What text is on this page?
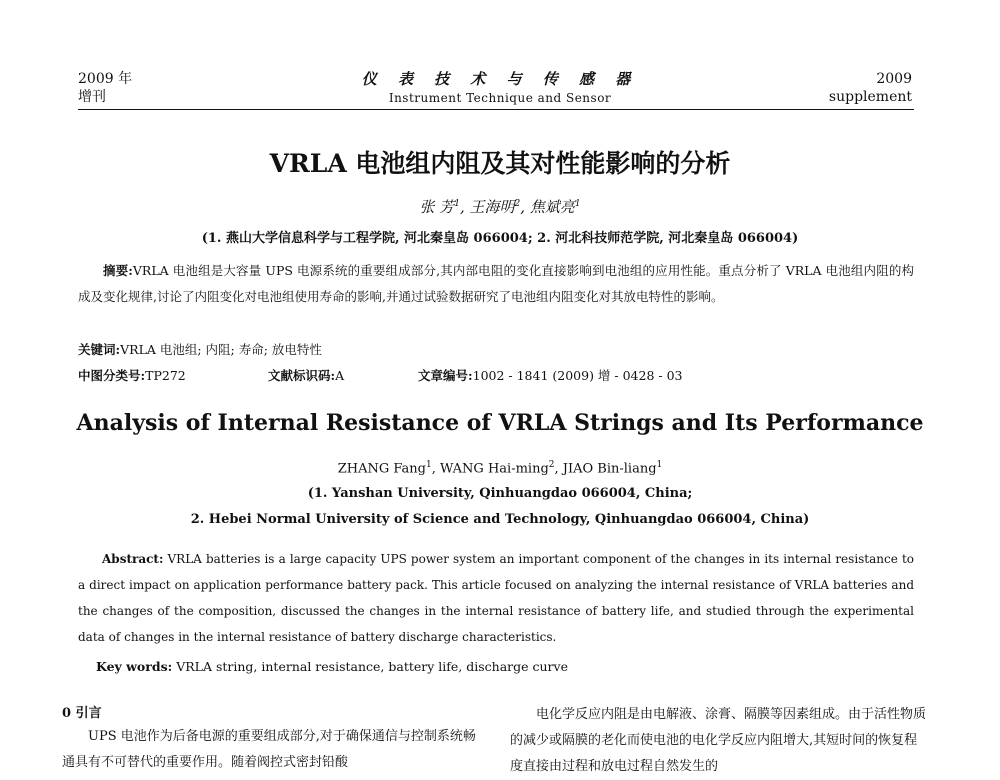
2009 年
增刊
仪 表 技 术 与 传 感 器
Instrument Technique and Sensor
2009
supplement
VRLA 电池组内阻及其对性能影响的分析
张 芳$^1$, 王海明$^2$, 焦斌亮$^1$
(1. 燕山大学信息科学与工程学院, 河北秦皇岛 066004; 2. 河北科技师范学院, 河北秦皇岛 066004)
摘要:VRLA 电池组是大容量 UPS 电源系统的重要组成部分,其内部电阻的变化直接影响到电池组的应用性能。重点分析了 VRLA 电池组内阻的构成及变化规律,讨论了内阻变化对电池组使用寿命的影响,并通过试验数据研究了电池组内阻变化对其放电特性的影响。
关键词:VRLA 电池组; 内阻; 寿命; 放电特性
中图分类号:TP272	文献标识码:A	文章编号:1002 - 1841 (2009) 增 - 0428 - 03
Analysis of Internal Resistance of VRLA Strings and Its Performance
ZHANG Fang$^1$, WANG Hai-ming$^2$, JIAO Bin-liang$^1$
(1. Yanshan University, Qinhuangdao 066004, China;
2. Hebei Normal University of Science and Technology, Qinhuangdao 066004, China)
Abstract: VRLA batteries is a large capacity UPS power system an important component of the changes in its internal resistance to a direct impact on application performance battery pack. This article focused on analyzing the internal resistance of VRLA batteries and the changes of the composition, discussed the changes in the internal resistance of battery life, and studied through the experimental data of changes in the internal resistance of battery discharge characteristics.
Key words: VRLA string, internal resistance, battery life, discharge curve
0 引言
UPS 电池作为后备电源的重要组成部分,对于确保通信与控制系统畅通具有不可替代的重要作用。随着阀控式密封铅酸
电化学反应内阻是由电解液、涂膏、隔膜等因素组成。由于活性物质的减少或隔膜的老化而使电池的电化学反应内阻增大,其短时间的恢复程度直接由过程和放电过程自然发生的
